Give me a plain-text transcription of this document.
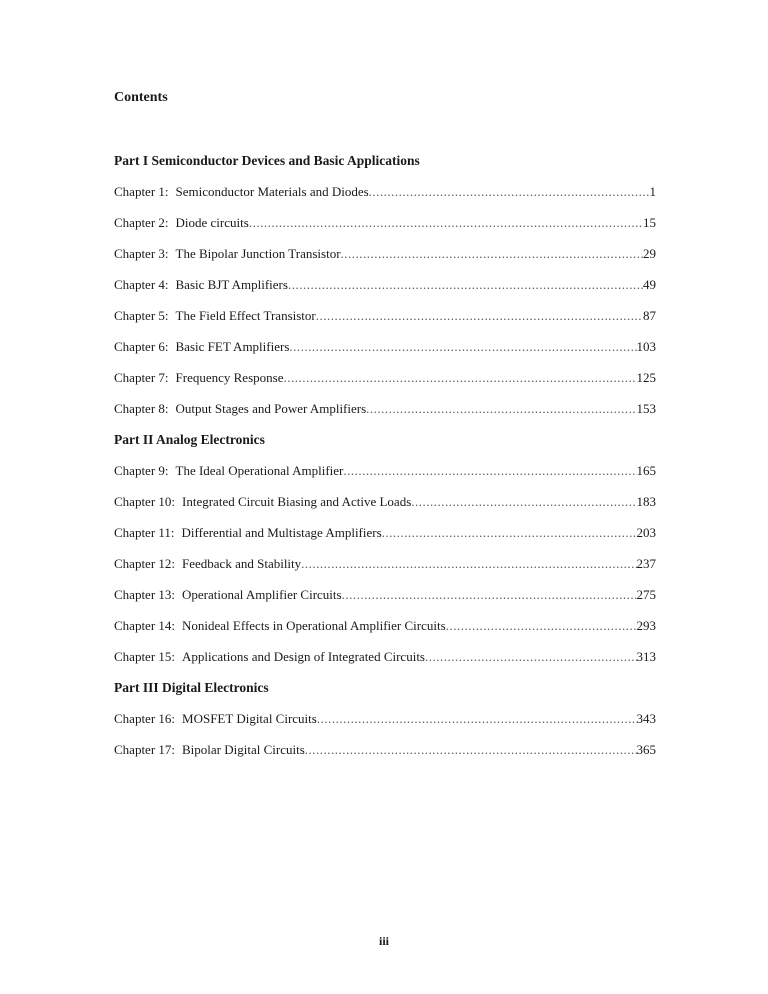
Contents
Part I Semiconductor Devices and Basic Applications
Chapter 1: Semiconductor Materials and Diodes .....	1
Chapter 2: Diode circuits .....	15
Chapter 3: The Bipolar Junction Transistor .....	29
Chapter 4: Basic BJT Amplifiers .....	49
Chapter 5: The Field Effect Transistor .....	87
Chapter 6: Basic FET Amplifiers .....	103
Chapter 7: Frequency Response .....	125
Chapter 8: Output Stages and Power Amplifiers .....	153
Part II Analog Electronics
Chapter 9: The Ideal Operational Amplifier .....	165
Chapter 10: Integrated Circuit Biasing and Active Loads .....	183
Chapter 11: Differential and Multistage Amplifiers .....	203
Chapter 12: Feedback and Stability .....	237
Chapter 13: Operational Amplifier Circuits .....	275
Chapter 14: Nonideal Effects in Operational Amplifier Circuits .....	293
Chapter 15: Applications and Design of Integrated Circuits .....	313
Part III Digital Electronics
Chapter 16: MOSFET Digital Circuits .....	343
Chapter 17: Bipolar Digital Circuits .....	365
iii
